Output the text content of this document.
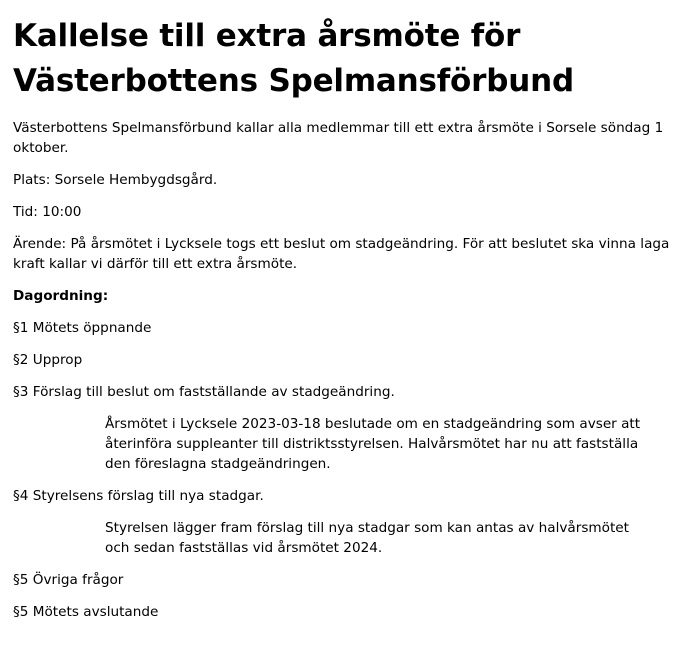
Kallelse till extra årsmöte för Västerbottens Spelmansförbund

Västerbottens Spelmansförbund kallar alla medlemmar till ett extra årsmöte i Sorsele söndag 1 oktober.

Plats: Sorsele Hembygdsgård.

Tid: 10:00

Ärende: På årsmötet i Lycksele togs ett beslut om stadgeändring. För att beslutet ska vinna laga kraft kallar vi därför till ett extra årsmöte.

Dagordning:

§1 Mötets öppnande

§2 Upprop

§3 Förslag till beslut om fastställande av stadgeändring.

Årsmötet i Lycksele 2023-03-18 beslutade om en stadgeändring som avser att återinföra suppleanter till distriktsstyrelsen. Halvårsmötet har nu att fastställa den föreslagna stadgeändringen.

§4 Styrelsens förslag till nya stadgar.

Styrelsen lägger fram förslag till nya stadgar som kan antas av halvårsmötet och sedan fastställas vid årsmötet 2024.

§5 Övriga frågor

§5 Mötets avslutande
